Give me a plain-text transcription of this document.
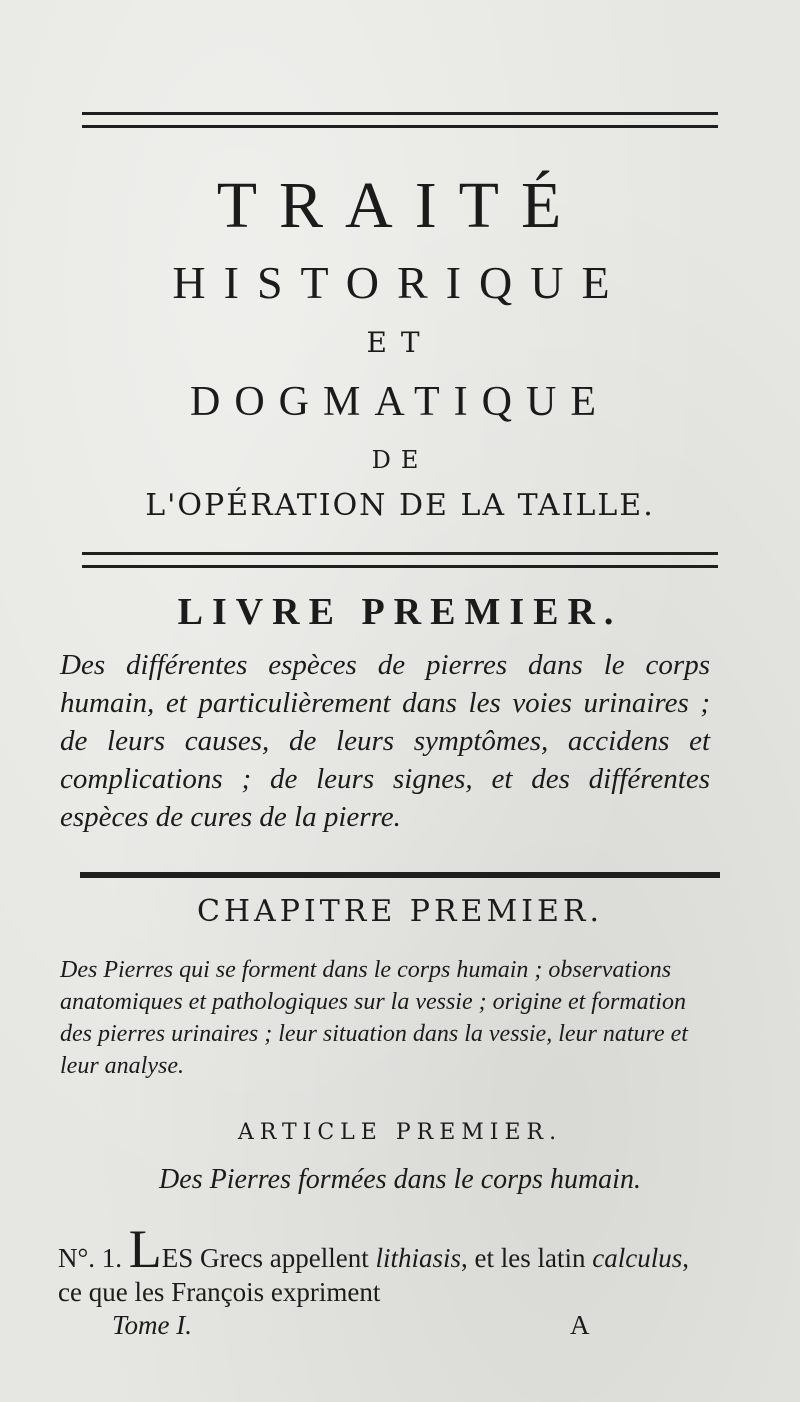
TRAITÉ
HISTORIQUE
ET
DOGMATIQUE
DE
L'OPÉRATION DE LA TAILLE.
LIVRE PREMIER.
Des différentes espèces de pierres dans le corps humain, et particulièrement dans les voies urinaires ; de leurs causes, de leurs symptômes, accidens et complications ; de leurs signes, et des différentes espèces de cures de la pierre.
CHAPITRE PREMIER.
Des Pierres qui se forment dans le corps humain ; observations anatomiques et pathologiques sur la vessie ; origine et formation des pierres urinaires ; leur situation dans la vessie, leur nature et leur analyse.
ARTICLE PREMIER.
Des Pierres formées dans le corps humain.
N°. 1. LES Grecs appellent lithiasis, et les latin calculus, ce que les François expriment
Tome I.	A
